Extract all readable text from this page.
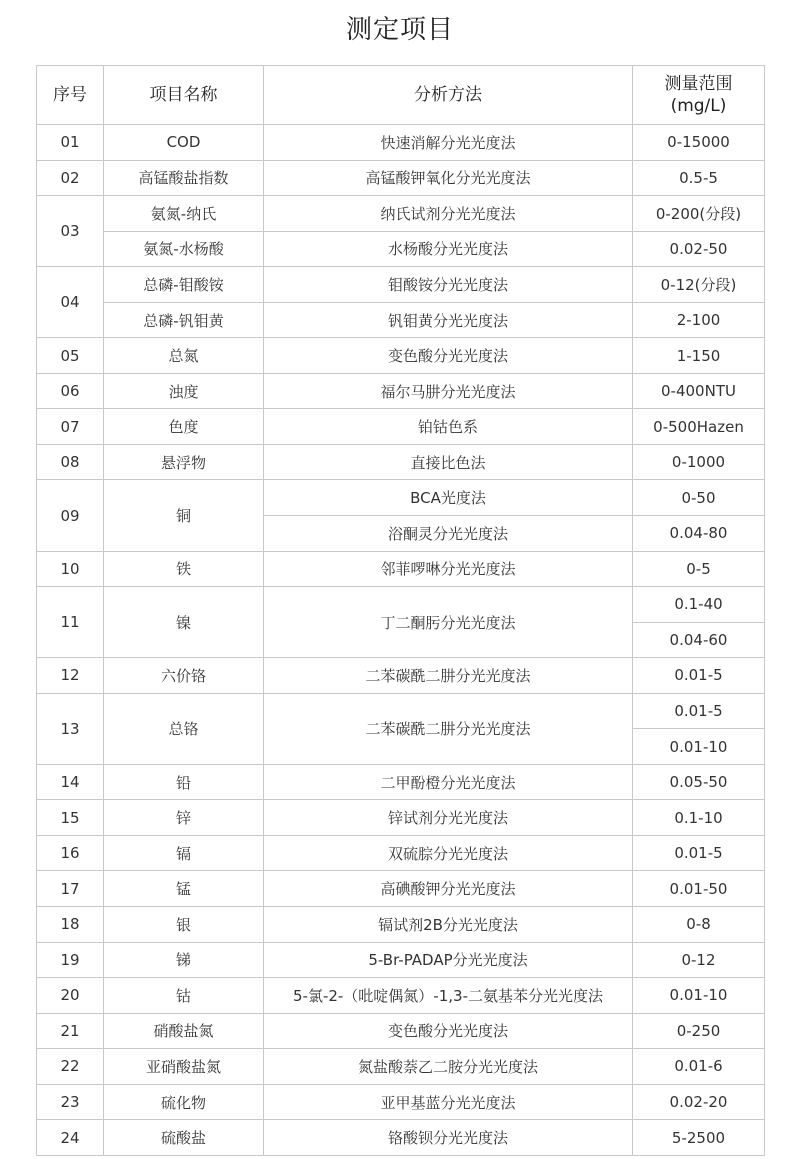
测定项目
序号	项目名称	分析方法	测量范围
(mg/L)

01	COD	快速消解分光光度法	0-15000
02	高锰酸盐指数	高锰酸钾氧化分光光度法	0.5-5
03	氨氮-纳氏	纳氏试剂分光光度法	0-200(分段)
	氨氮-水杨酸	水杨酸分光光度法	0.02-50
04	总磷-钼酸铵	钼酸铵分光光度法	0-12(分段)
	总磷-钒钼黄	钒钼黄分光光度法	2-100
05	总氮	变色酸分光光度法	1-150
06	浊度	福尔马肼分光光度法	0-400NTU
07	色度	铂钴色系	0-500Hazen
08	悬浮物	直接比色法	0-1000
09	铜	BCA光度法	0-50
		浴酮灵分光光度法	0.04-80
10	铁	邻菲啰啉分光光度法	0-5
11	镍	丁二酮肟分光光度法	0.1-40
			0.04-60
12	六价铬	二苯碳酰二肼分光光度法	0.01-5
13	总铬	二苯碳酰二肼分光光度法	0.01-5
			0.01-10
14	铅	二甲酚橙分光光度法	0.05-50
15	锌	锌试剂分光光度法	0.1-10
16	镉	双硫腙分光光度法	0.01-5
17	锰	高碘酸钾分光光度法	0.01-50
18	银	镉试剂2B分光光度法	0-8
19	锑	5-Br-PADAP分光光度法	0-12
20	钴	5-氯-2-（吡啶偶氮）-1,3-二氨基苯分光光度法	0.01-10
21	硝酸盐氮	变色酸分光光度法	0-250
22	亚硝酸盐氮	氮盐酸萘乙二胺分光光度法	0.01-6
23	硫化物	亚甲基蓝分光光度法	0.02-20
24	硫酸盐	铬酸钡分光光度法	5-2500
